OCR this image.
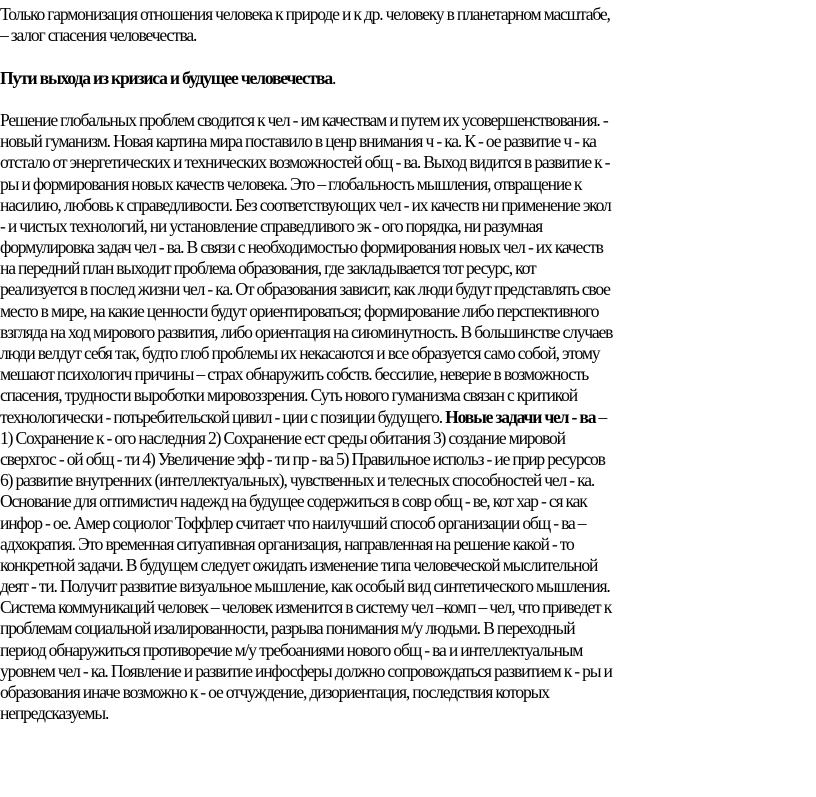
Только гармонизация отношения человека к природе и к др. человеку в планетарном масштабе,

– залог спасения человечества.

Пути выхода из кризиса и будущее человечества.

Решение глобальных проблем сводится к чел - им качествам и путем их усовершенствования. -

новый гуманизм. Новая картина мира поставило в ценр внимания ч - ка. К - ое развитие ч - ка

отстало от энергетических и технических возможностей общ - ва. Выход видится в развитие к -

ры и формирования новых качеств человека. Это – глобальность мышления, отвращение к

насилию, любовь к справедливости. Без соответствующих чел - их качеств ни применение экол

- и чистых технологий, ни установление справедливого эк - ого порядка, ни разумная

формулировка задач чел - ва. В связи с необходимостью формирования новых чел - их качеств

на передний план выходит проблема образования, где закладывается тот ресурс, кот

реализуется в послед жизни чел - ка. От образования зависит, как люди будут представлять свое

место в мире, на какие ценности будут ориентироваться; формирование либо перспективного

взгляда на ход мирового развития, либо ориентация на сиюминутность. В большинстве случаев

люди велдут себя так, будто глоб проблемы их некасаются и все образуется само собой, этому

мешают психологич причины – страх обнаружить собств. бессилие, неверие в возможность

спасения, трудности выроботки мировоззрения. Суть нового гуманизма связан с критикой

технологически - потьребительской цивил - ции с позиции будущего. Новые задачи чел - ва –

1) Сохранение к - ого наследния 2) Сохранение ест среды обитания 3) создание мировой

сверхгос - ой общ - ти 4) Увеличение эфф - ти пр - ва 5) Правильное использ - ие прир ресурсов

6) развитие внутренних (интеллектуальных), чувственных и телесных способностей чел - ка.

Основание для оптимистич надежд на будущее содержиться в совр общ - ве, кот хар - ся как

инфор - ое. Амер социолог Тоффлер считает что наилучший способ организации общ - ва –

адхократия. Это временная ситуативная организация, направленная на решение какой - то

конкретной задачи. В будущем следует ожидать изменение типа человеческой мыслительной

деят - ти. Получит развитие визуальное мышление, как особый вид синтетического мышления.

Система коммуникаций человек – человек изменится в систему чел –комп – чел, что приведет к

проблемам социальной изалированности, разрыва понимания м/у людьми. В переходный

период обнаружиться противоречие м/у требоаниями нового общ - ва и интеллектуальным

уровнем чел - ка. Появление и развитие инфосферы должно сопровождаться развитием к - ры и

образования иначе возможно к - ое отчуждение, дизориентация, последствия которых

непредсказуемы.
